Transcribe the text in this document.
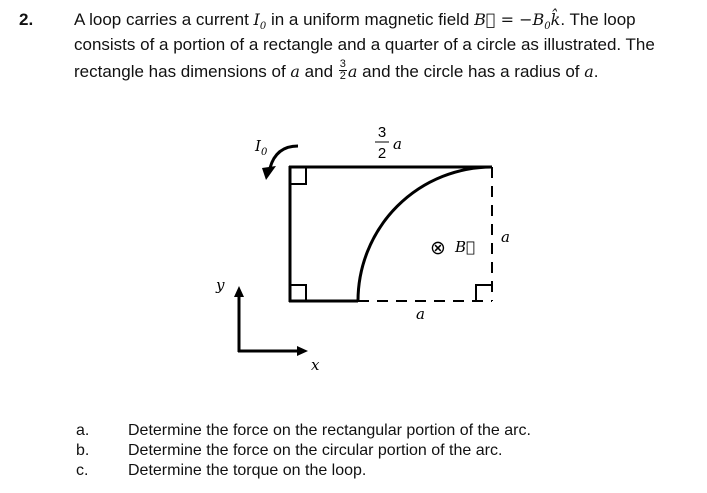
2. A loop carries a current $I_0$ in a uniform magnetic field B⃗ = $-B_0k̂$. The loop
consists of a portion of a rectangle and a quarter of a circle as illustrated. The
rectangle has dimensions of a and $\frac{3}{2}$ a and the circle has a radius of a.
$I_0$
3
2
a
a
a
⊗ B⃗
y
x
a. Determine the force on the rectangular portion of the arc.
b. Determine the force on the circular portion of the arc.
c. Determine the torque on the loop.
